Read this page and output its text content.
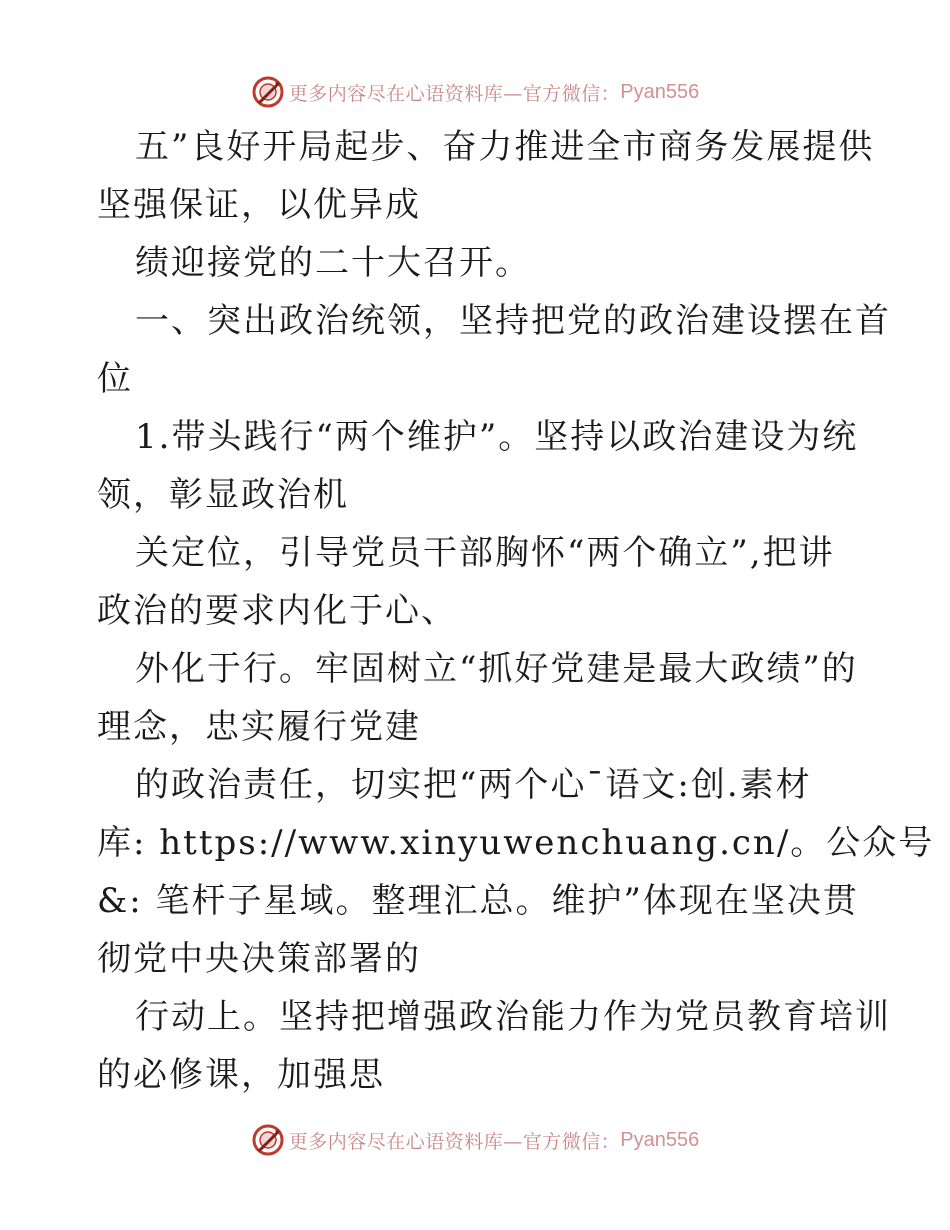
更多内容尽在心语资料库—官方微信： Pyan556
五”良好开局起步、奋力推进全市商务发展提供
坚强保证，以优异成
绩迎接党的二十大召开。
一、突出政治统领，坚持把党的政治建设摆在首
位
1.带头践行“两个维护”。坚持以政治建设为统
领，彰显政治机
关定位，引导党员干部胸怀“两个确立”,把讲
政治的要求内化于心、
外化于行。牢固树立“抓好党建是最大政绩”的
理念，忠实履行党建
的政治责任，切实把“两个心¯语文:创.素材
库: https://www.xinyuwenchuang.cn/。公众号
&: 笔杆子星域。整理汇总。维护”体现在坚决贯
彻党中央决策部署的
行动上。坚持把增强政治能力作为党员教育培训
的必修课，加强思
更多内容尽在心语资料库—官方微信： Pyan556
